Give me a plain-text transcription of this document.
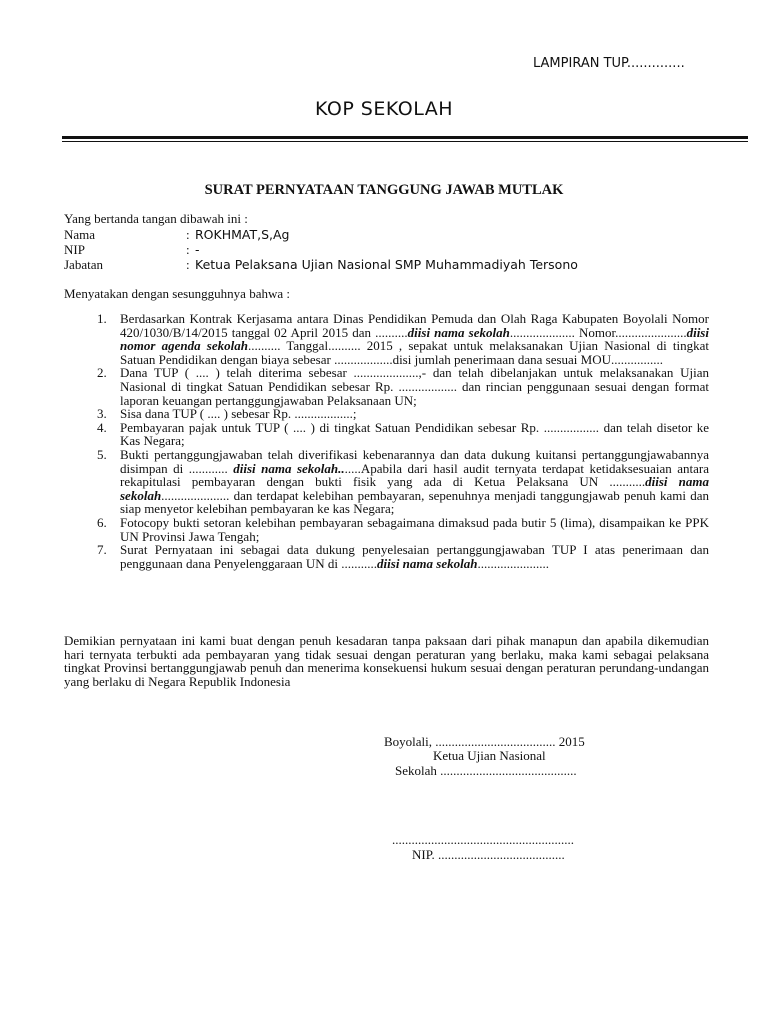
LAMPIRAN TUP..............
KOP SEKOLAH
SURAT PERNYATAAN TANGGUNG JAWAB MUTLAK
Yang bertanda tangan dibawah ini :
Nama	: ROKHMAT,S,Ag
NIP	: -
Jabatan	: Ketua Pelaksana Ujian Nasional SMP Muhammadiyah Tersono
Menyatakan dengan sesungguhnya bahwa :
1. Berdasarkan Kontrak Kerjasama antara Dinas Pendidikan Pemuda dan Olah Raga Kabupaten Boyolali Nomor 420/1030/B/14/2015 tanggal 02 April 2015 dan ..........diisi nama sekolah.................... Nomor......................diisi nomor agenda sekolah.......... Tanggal.......... 2015 , sepakat untuk melaksanakan Ujian Nasional di tingkat Satuan Pendidikan dengan biaya sebesar ..................disi jumlah penerimaan dana sesuai MOU................
2. Dana TUP ( .... ) telah diterima sebesar ....................,- dan telah dibelanjakan untuk melaksanakan Ujian Nasional di tingkat Satuan Pendidikan sebesar Rp. .................. dan rincian penggunaan sesuai dengan format laporan keuangan pertanggungjawaban Pelaksanaan UN;
3. Sisa dana TUP ( .... ) sebesar Rp. ..................;
4. Pembayaran pajak untuk TUP ( .... ) di tingkat Satuan Pendidikan sebesar Rp. ................. dan telah disetor ke Kas Negara;
5. Bukti pertanggungjawaban telah diverifikasi kebenarannya dan data dukung kuitansi pertanggungjawabannya disimpan di ............ diisi nama sekolah.......Apabila dari hasil audit ternyata terdapat ketidaksesuaian antara rekapitulasi pembayaran dengan bukti fisik yang ada di Ketua Pelaksana UN ...........diisi nama sekolah..................... dan terdapat kelebihan pembayaran, sepenuhnya menjadi tanggungjawab penuh kami dan siap menyetor kelebihan pembayaran ke kas Negara;
6. Fotocopy bukti setoran kelebihan pembayaran sebagaimana dimaksud pada butir 5 (lima), disampaikan ke PPK UN Provinsi Jawa Tengah;
7. Surat Pernyataan ini sebagai data dukung penyelesaian pertanggungjawaban TUP I atas penerimaan dan penggunaan dana Penyelenggaraan UN di ...........diisi nama sekolah......................

Demikian pernyataan ini kami buat dengan penuh kesadaran tanpa paksaan dari pihak manapun dan apabila dikemudian hari ternyata terbukti ada pembayaran yang tidak sesuai dengan peraturan yang berlaku, maka kami sebagai pelaksana tingkat Provinsi bertanggungjawab penuh dan menerima konsekuensi hukum sesuai dengan peraturan perundang-undangan yang berlaku di Negara Republik Indonesia

Boyolali, ..................................... 2015
Ketua Ujian Nasional
Sekolah ..........................................
........................................................
NIP. .......................................
